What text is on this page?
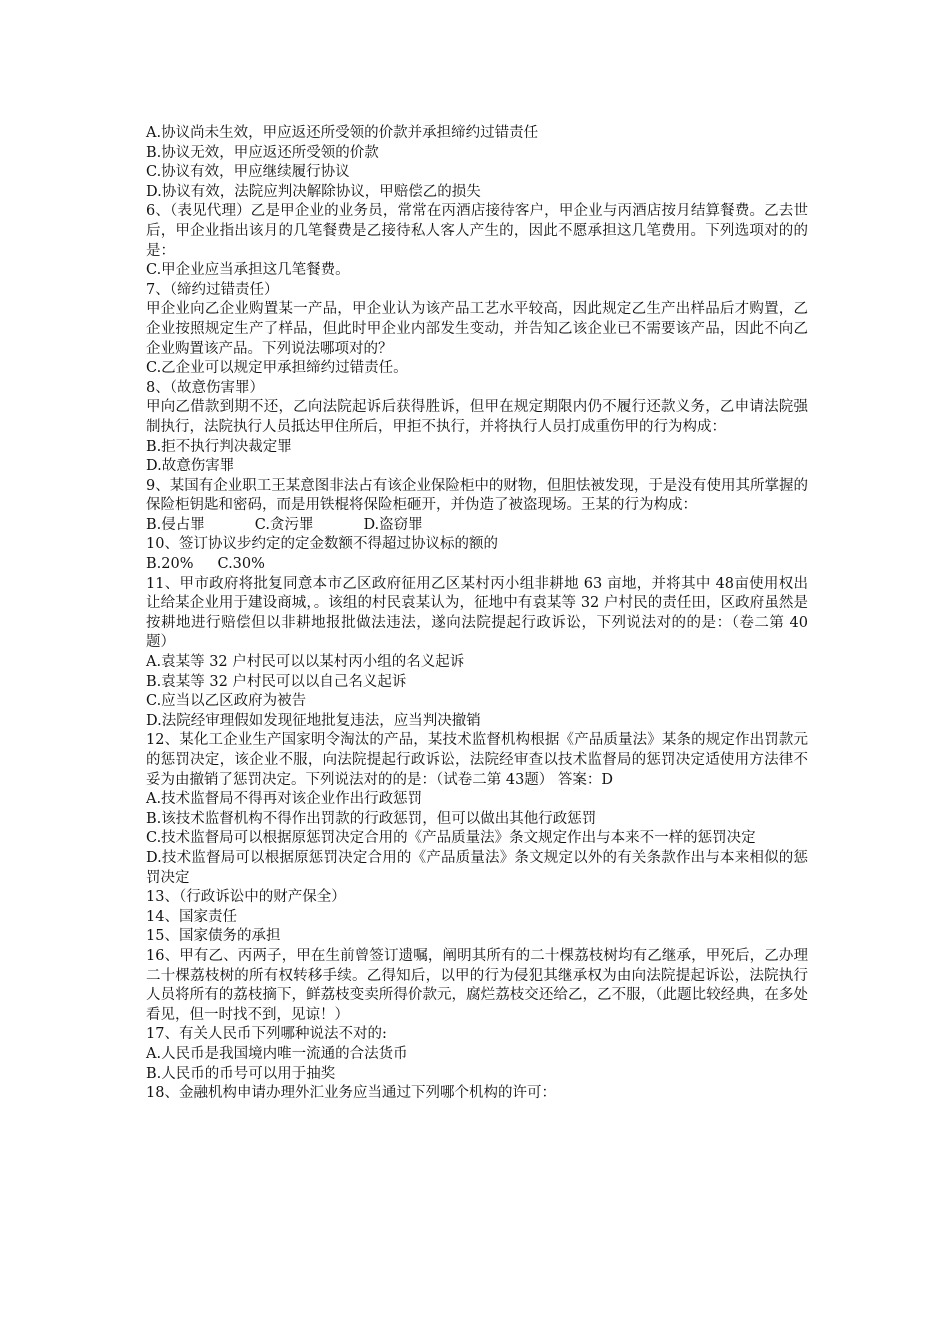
A.协议尚未生效，甲应返还所受领的价款并承担缔约过错责任

B.协议无效，甲应返还所受领的价款

C.协议有效，甲应继续履行协议

D.协议有效，法院应判决解除协议，甲赔偿乙的损失

6、（表见代理）乙是甲企业的业务员，常常在丙酒店接待客户，甲企业与丙酒店按月结算餐费。乙去世后，甲企业指出该月的几笔餐费是乙接待私人客人产生的，因此不愿承担这几笔费用。下列选项对的的是：

C.甲企业应当承担这几笔餐费。

7、（缔约过错责任）

甲企业向乙企业购置某一产品，甲企业认为该产品工艺水平较高，因此规定乙生产出样品后才购置，乙企业按照规定生产了样品，但此时甲企业内部发生变动，并告知乙该企业已不需要该产品，因此不向乙企业购置该产品。下列说法哪项对的？

C.乙企业可以规定甲承担缔约过错责任。

8、（故意伤害罪）

甲向乙借款到期不还，乙向法院起诉后获得胜诉，但甲在规定期限内仍不履行还款义务，乙申请法院强制执行，法院执行人员抵达甲住所后，甲拒不执行，并将执行人员打成重伤甲的行为构成：

B.拒不执行判决裁定罪

D.故意伤害罪

9、某国有企业职工王某意图非法占有该企业保险柜中的财物，但胆怯被发现，于是没有使用其所掌握的保险柜钥匙和密码，而是用铁棍将保险柜砸开，并伪造了被盗现场。王某的行为构成：

B.侵占罪	C.贪污罪	D.盗窃罪

10、签订协议步约定的定金数额不得超过协议标的额的

B.20% C.30%

11、甲市政府将批复同意本市乙区政府征用乙区某村丙小组非耕地 63 亩地，并将其中 48亩使用权出让给某企业用于建设商城，。该组的村民袁某认为，征地中有袁某等 32 户村民的责任田，区政府虽然是按耕地进行赔偿但以非耕地报批做法违法，遂向法院提起行政诉讼，下列说法对的的是：（卷二第 40 题）

A.袁某等 32 户村民可以以某村丙小组的名义起诉

B.袁某等 32 户村民可以以自己名义起诉

C.应当以乙区政府为被告

D.法院经审理假如发现征地批复违法，应当判决撤销

12、某化工企业生产国家明令淘汰的产品，某技术监督机构根据《产品质量法》某条的规定作出罚款元的惩罚决定，该企业不服，向法院提起行政诉讼，法院经审查以技术监督局的惩罚决定适使用方法律不妥为由撤销了惩罚决定。下列说法对的的是：（试卷二第 43题） 答案：D

A.技术监督局不得再对该企业作出行政惩罚

B.该技术监督机构不得作出罚款的行政惩罚，但可以做出其他行政惩罚

C.技术监督局可以根据原惩罚决定合用的《产品质量法》条文规定作出与本来不一样的惩罚决定

D.技术监督局可以根据原惩罚决定合用的《产品质量法》条文规定以外的有关条款作出与本来相似的惩罚决定

13、（行政诉讼中的财产保全）

14、国家责任

15、国家债务的承担

16、甲有乙、丙两子，甲在生前曾签订遗嘱，阐明其所有的二十棵荔枝树均有乙继承，甲死后，乙办理二十棵荔枝树的所有权转移手续。乙得知后，以甲的行为侵犯其继承权为由向法院提起诉讼，法院执行人员将所有的荔枝摘下，鲜荔枝变卖所得价款元，腐烂荔枝交还给乙，乙不服，（此题比较经典，在多处看见，但一时找不到，见谅！）

17、有关人民币下列哪种说法不对的:

A.人民币是我国境内唯一流通的合法货币

B.人民币的币号可以用于抽奖

18、金融机构申请办理外汇业务应当通过下列哪个机构的许可：
